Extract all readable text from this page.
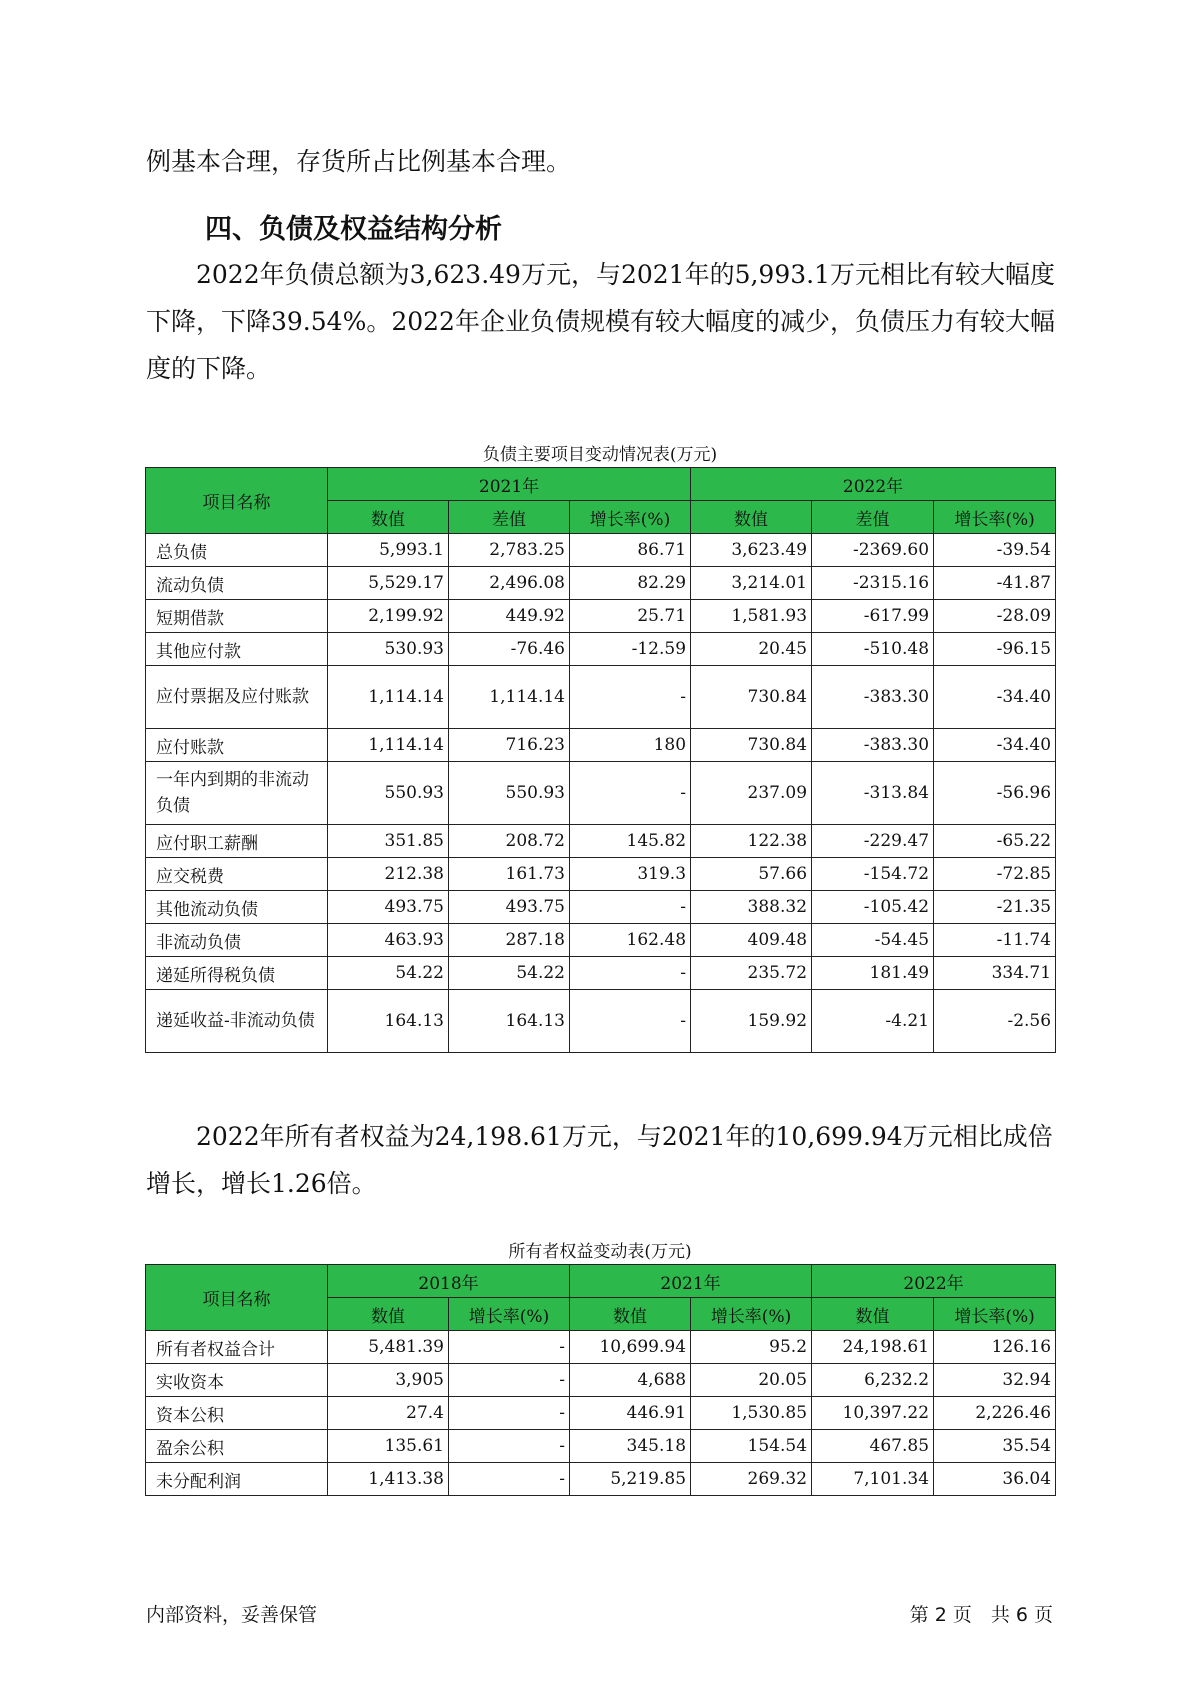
例基本合理，存货所占比例基本合理。

四、负债及权益结构分析

2022年负债总额为3,623.49万元，与2021年的5,993.1万元相比有较大幅度下降，下降39.54%。2022年企业负债规模有较大幅度的减少，负债压力有较大幅度的下降。

负债主要项目变动情况表(万元)

项目名称	2021年			2022年		
	数值	差值	增长率(%)	数值	差值	增长率(%)
总负债	5,993.1	2,783.25	86.71	3,623.49	-2369.60	-39.54
流动负债	5,529.17	2,496.08	82.29	3,214.01	-2315.16	-41.87
短期借款	2,199.92	449.92	25.71	1,581.93	-617.99	-28.09
其他应付款	530.93	-76.46	-12.59	20.45	-510.48	-96.15
应付票据及应付账款	1,114.14	1,114.14	-	730.84	-383.30	-34.40
应付账款	1,114.14	716.23	180	730.84	-383.30	-34.40
一年内到期的非流动负债	550.93	550.93	-	237.09	-313.84	-56.96
应付职工薪酬	351.85	208.72	145.82	122.38	-229.47	-65.22
应交税费	212.38	161.73	319.3	57.66	-154.72	-72.85
其他流动负债	493.75	493.75	-	388.32	-105.42	-21.35
非流动负债	463.93	287.18	162.48	409.48	-54.45	-11.74
递延所得税负债	54.22	54.22	-	235.72	181.49	334.71
递延收益-非流动负债	164.13	164.13	-	159.92	-4.21	-2.56

2022年所有者权益为24,198.61万元，与2021年的10,699.94万元相比成倍增长，增长1.26倍。

所有者权益变动表(万元)

项目名称	2018年		2021年		2022年	
	数值	增长率(%)	数值	增长率(%)	数值	增长率(%)
所有者权益合计	5,481.39	-	10,699.94	95.2	24,198.61	126.16
实收资本	3,905	-	4,688	20.05	6,232.2	32.94
资本公积	27.4	-	446.91	1,530.85	10,397.22	2,226.46
盈余公积	135.61	-	345.18	154.54	467.85	35.54
未分配利润	1,413.38	-	5,219.85	269.32	7,101.34	36.04
内部资料，妥善保管	第 2 页　共 6 页
